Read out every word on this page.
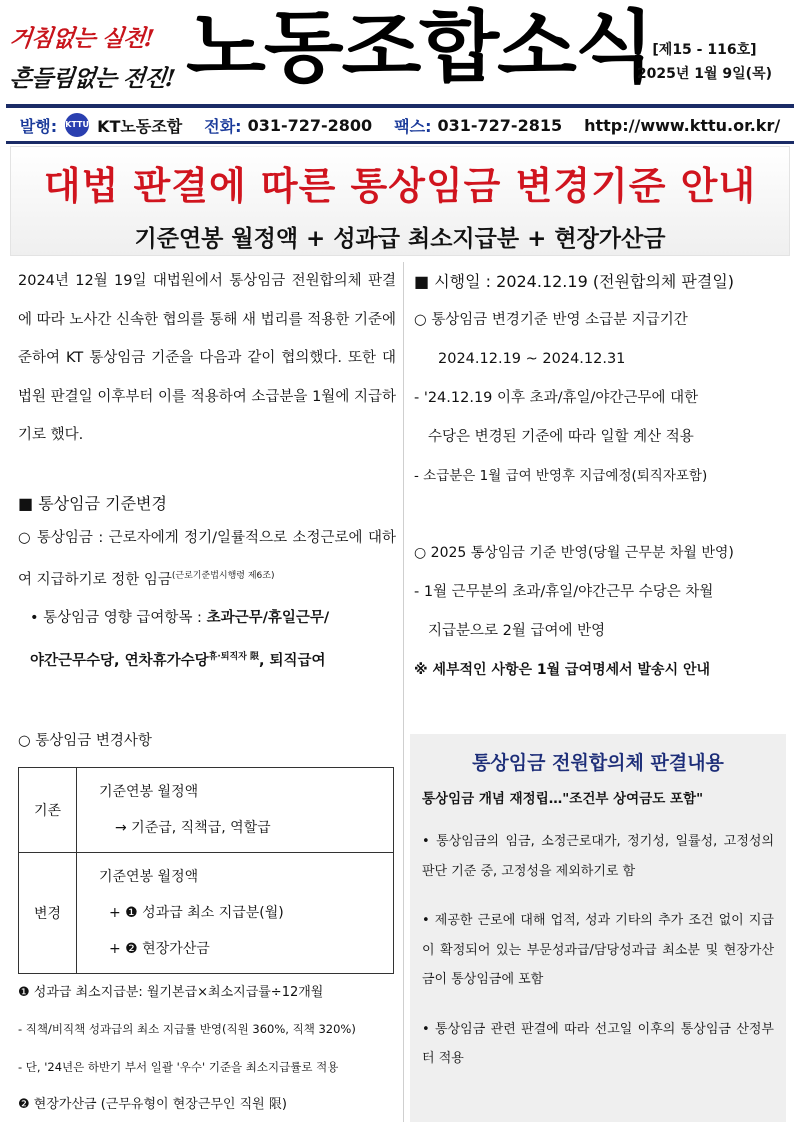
거침없는 실천!
흔들림없는 전진! 노동조합소식 [제15 - 116호]
2025년 1월 9일(목)
발행: KTTU KT노동조합 전화: 031-727-2800 팩스: 031-727-2815 http://www.kttu.or.kr/
대법 판결에 따른 통상임금 변경기준 안내
기준연봉 월정액 + 성과급 최소지급분 + 현장가산금

2024년 12월 19일 대법원에서 통상임금 전원합의체 판결에 따라 노사간 신속한 협의를 통해 새 법리를 적용한 기준에 준하여 KT 통상임금 기준을 다음과 같이 협의했다. 또한 대법원 판결일 이후부터 이를 적용하여 소급분을 1월에 지급하기로 했다.

■ 통상임금 기준변경

○ 통상임금 : 근로자에게 정기/일률적으로 소정근로에 대하여 지급하기로 정한 임금$^{(근로기준법시행령 제6조)}$

• 통상임금 영향 급여항목 : 초과근무/휴일근무/
야간근무수당, 연차휴가수당$^{휴\cdot 퇴직자 限}$, 퇴직급여

○ 통상임금 변경사항
기존	기준연봉 월정액
→ 기준급, 직책급, 역할급

변경	기준연봉 월정액
+ ❶ 성과급 최소 지급분(월)
+ ❷ 현장가산금
❶ 성과급 최소지급분: 월기본급×최소지급률÷12개월
- 직책/비직책 성과급의 최소 지급률 반영(직원 360%, 직책 320%)
- 단, '24년은 하반기 부서 일괄 '우수' 기준을 최소지급률로 적용
❷ 현장가산금 (근무유형이 현장근무인 직원 限)
■ 시행일 : 2024.12.19 (전원합의체 판결일)
○ 통상임금 변경기준 반영 소급분 지급기간
2024.12.19 ~ 2024.12.31
- '24.12.19 이후 초과/휴일/야간근무에 대한
수당은 변경된 기준에 따라 일할 계산 적용
- 소급분은 1월 급여 반영후 지급예정(퇴직자포함)
○ 2025 통상임금 기준 반영(당월 근무분 차월 반영)
- 1월 근무분의 초과/휴일/야간근무 수당은 차월
지급분으로 2월 급여에 반영
※ 세부적인 사항은 1월 급여명세서 발송시 안내
통상임금 전원합의체 판결내용
통상임금 개념 재정립…"조건부 상여금도 포함"

• 통상임금의 임금, 소정근로대가, 정기성, 일률성, 고정성의 판단 기준 중, 고정성을 제외하기로 함

• 제공한 근로에 대해 업적, 성과 기타의 추가 조건 없이 지급이 확정되어 있는 부문성과급/담당성과급 최소분 및 현장가산금이 통상임금에 포함

• 통상임금 관련 판결에 따라 선고일 이후의 통상임금 산정부터 적용
